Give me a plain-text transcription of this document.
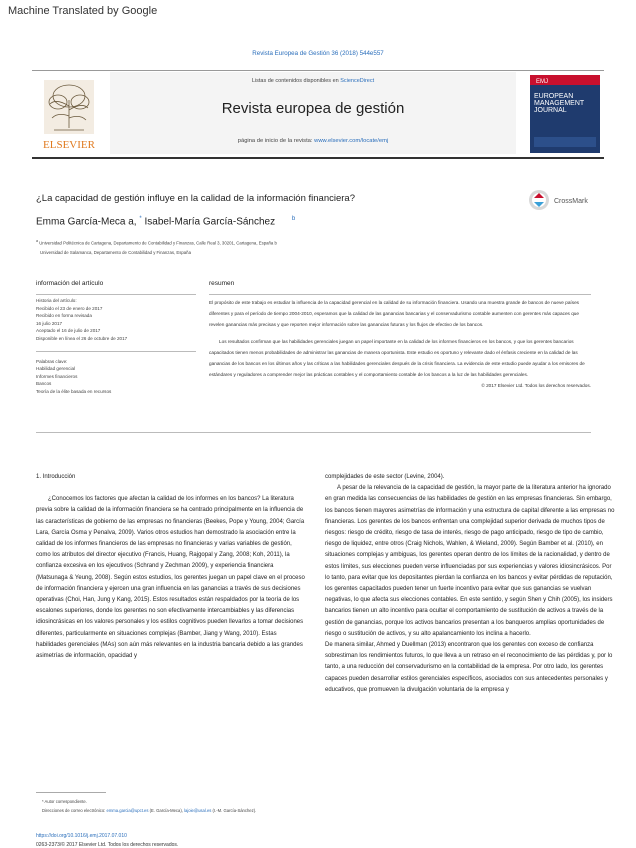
Machine Translated by Google
Revista Europea de Gestión 36 (2018) 544e557
ELSEVIER
Listas de contenidos disponibles en ScienceDirect
Revista europea de gestión
página de inicio de la revista: www.elsevier.com/locate/emj
EMJ
EUROPEAN MANAGEMENT JOURNAL
¿La capacidad de gestión influye en la calidad de la información financiera?	CrossMark
Emma García-Meca a, * Isabel-María García-Sánchez	$^b$
$^a$ Universidad Politécnica de Cartagena, Departamento de Contabilidad y Finanzas, Calle Real 3, 30201, Cartagena, España b
Universidad de Salamanca, Departamento de Contabilidad y Finanzas, España
información del artículo
Historia del artículo:
Recibido el 23 de enero de 2017
Recibido en forma revisada
16 julio 2017
Aceptado el 16 de julio de 2017
Disponible en línea el 26 de octubre de 2017
Palabras clave:
Habilidad gerencial
Informes financieros
Bancos
Teoría de la élite basada en recursos
resumen

El propósito de este trabajo es estudiar la influencia de la capacidad gerencial en la calidad de su información financiera. Usando una muestra grande de bancos de nueve países diferentes y para el período de tiempo 2004-2010, esperamos que la calidad de las ganancias bancarias y el conservadurismo contable aumenten con gerentes más capaces que revelen ganancias más precisas y que reporten mejor información sobre las ganancias futuras y los flujos de efectivo de los bancos.

Los resultados confirman que las habilidades gerenciales juegan un papel importante en la calidad de los informes financieros en los bancos, y que los gerentes bancarios capacitados tienen menos probabilidades de administrar las ganancias de manera oportunista. Este estudio es oportuno y relevante dado el énfasis creciente en la calidad de las ganancias de los bancos en los últimos años y las críticas a las habilidades gerenciales después de la crisis financiera. La evidencia de este estudio puede ayudar a los emisores de estándares y reguladores a comprender mejor las prácticas contables y el comportamiento contable de los bancos a la luz de las habilidades gerenciales.

© 2017 Elsevier Ltd. Todos los derechos reservados.
1. Introducción

¿Conocemos los factores que afectan la calidad de los informes en los bancos? La literatura previa sobre la calidad de la información financiera se ha centrado principalmente en la influencia de las características de gobierno de las empresas no financieras (Beekes, Pope y Young, 2004; García Lara, García Osma y Penalva, 2009). Varios otros estudios han demostrado la asociación entre la calidad de los informes financieros de las empresas no financieras y varias variables de gestión, como los atributos del director ejecutivo (Francis, Huang, Rajgopal y Zang, 2008; Koh, 2011), la confianza excesiva en los ejecutivos (Schrand y Zechman 2009), y experiencia financiera (Matsunaga & Yeung, 2008). Según estos estudios, los gerentes juegan un papel clave en el proceso de información financiera y ejercen una gran influencia en las ganancias a través de sus decisiones operativas (Choi, Han, Jung y Kang, 2015). Estos resultados están respaldados por la teoría de los escalones superiores, donde los gerentes no son efectivamente intercambiables y las diferencias idiosincrásicas en los valores personales y los estilos cognitivos pueden llevarlos a tomar decisiones diferentes, particularmente en situaciones complejas (Bamber, Jiang y Wang, 2010). Estas habilidades gerenciales (MAs) son aún más relevantes en la industria bancaria debido a las grandes asimetrías de información, opacidad y

complejidades de este sector (Levine, 2004).

A pesar de la relevancia de la capacidad de gestión, la mayor parte de la literatura anterior ha ignorado en gran medida las consecuencias de las habilidades de gestión en las empresas financieras. Sin embargo, los bancos tienen mayores asimetrías de información y una estructura de capital diferente a las empresas no financieras. Los gerentes de los bancos enfrentan una complejidad superior derivada de muchos tipos de riesgos: riesgo de crédito, riesgo de tasa de interés, riesgo de pago anticipado, riesgo de tipo de cambio, riesgo de liquidez, entre otros (Craig Nichols, Wahlen, & Wieland, 2009). Según Bamber et al. (2010), en situaciones complejas y ambiguas, los gerentes operan dentro de los límites de la racionalidad, y dentro de estos límites, sus elecciones pueden verse influenciadas por sus experiencias y valores idiosincrásicos. Por lo tanto, para evitar que los depositantes pierdan la confianza en los bancos y evitar pérdidas de reputación, los gerentes capacitados pueden tener un fuerte incentivo para evitar que sus ganancias se vuelvan negativas, lo que afecta sus elecciones contables. En este sentido, y según Shen y Chih (2005), los insiders bancarios tienen un alto incentivo para ocultar el comportamiento de sustitución de activos a través de la gestión de ganancias, porque los activos bancarios presentan a los banqueros amplias oportunidades de riesgo o sustitución de activos, y su alto apalancamiento los inclina a hacerlo.

De manera similar, Ahmed y Duellman (2013) encontraron que los gerentes con exceso de confianza sobrestiman los rendimientos futuros, lo que lleva a un retraso en el reconocimiento de las pérdidas y, por lo tanto, a una reducción del conservadurismo en la contabilidad de la empresa. Por otro lado, los gerentes capaces pueden desarrollar estilos gerenciales específicos, asociados con sus antecedentes personales y educativos, que promueven la divulgación voluntaria de la empresa y

* Autor correspondiente.
Direcciones de correo electrónico: emma.garcia@upct.es (E. García-Meca), lajoie@usal.es (I.-M. García-Sánchez).
https://doi.org/10.1016/j.emj.2017.07.010
0263-2373/© 2017 Elsevier Ltd. Todos los derechos reservados.
